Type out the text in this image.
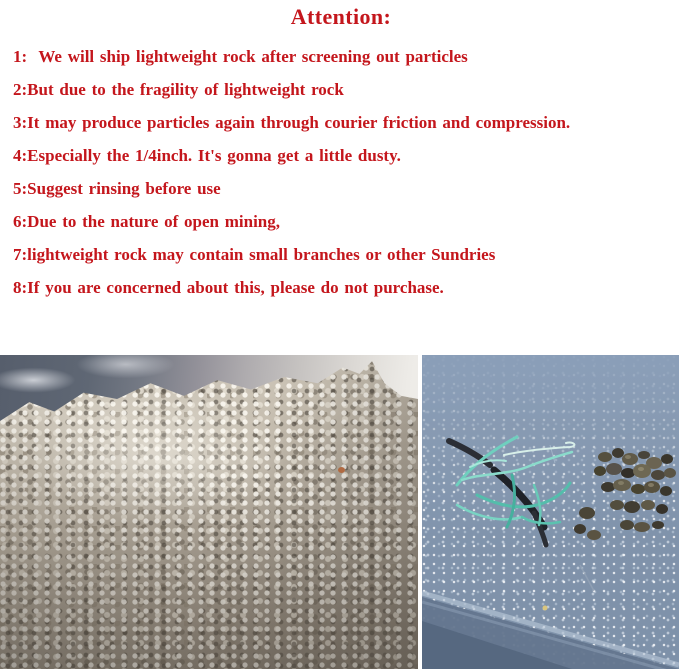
Attention:

1:  We will ship lightweight rock after screening out particles

2:But due to the fragility of lightweight rock

3:It may produce particles again through courier friction and compression.

4:Especially the 1/4inch. It's gonna get a little dusty.

5:Suggest rinsing before use

6:Due to the nature of open mining,

7:lightweight rock may contain small branches or other Sundries

8:If you are concerned about this, please do not purchase.
